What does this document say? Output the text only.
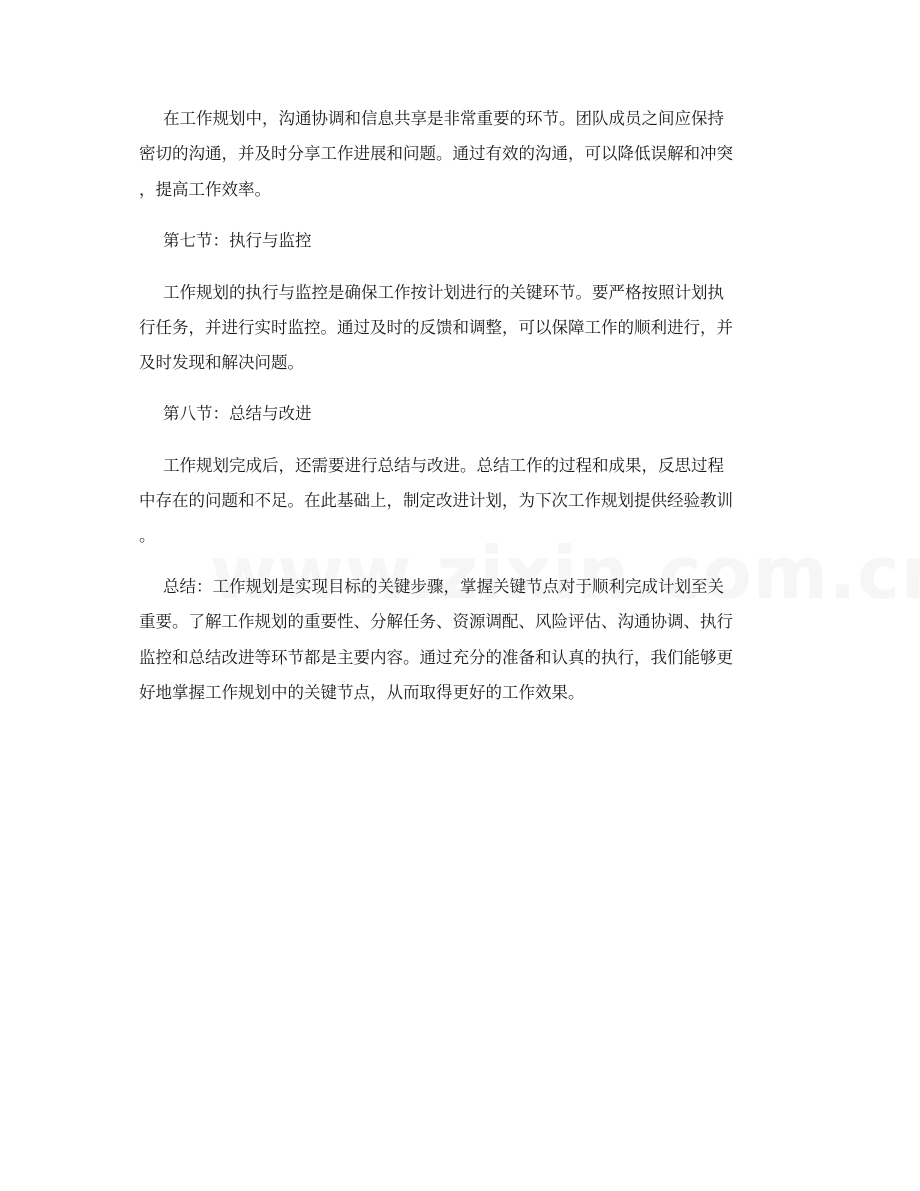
在工作规划中，沟通协调和信息共享是非常重要的环节。团队成员之间应保持
密切的沟通，并及时分享工作进展和问题。通过有效的沟通，可以降低误解和冲突
，提高工作效率。
第七节：执行与监控
工作规划的执行与监控是确保工作按计划进行的关键环节。要严格按照计划执
行任务，并进行实时监控。通过及时的反馈和调整，可以保障工作的顺利进行，并
及时发现和解决问题。
第八节：总结与改进
工作规划完成后，还需要进行总结与改进。总结工作的过程和成果，反思过程
中存在的问题和不足。在此基础上，制定改进计划，为下次工作规划提供经验教训
。
总结：工作规划是实现目标的关键步骤，掌握关键节点对于顺利完成计划至关
重要。了解工作规划的重要性、分解任务、资源调配、风险评估、沟通协调、执行
监控和总结改进等环节都是主要内容。通过充分的准备和认真的执行，我们能够更
好地掌握工作规划中的关键节点，从而取得更好的工作效果。
